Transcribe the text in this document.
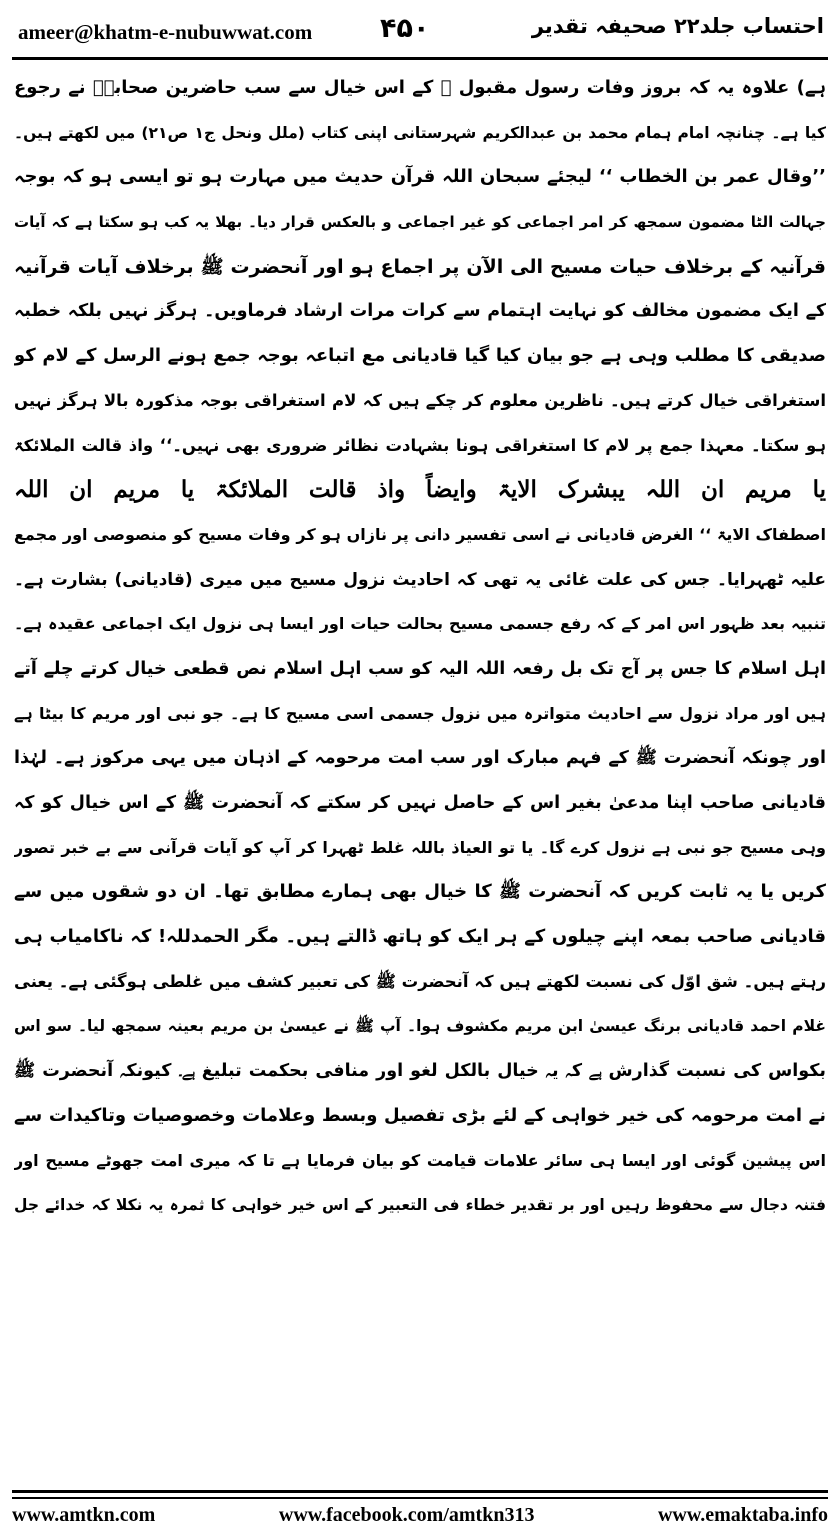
ameer@khatm-e-nubuwwat.com	۴۵۰	احتساب جلد۲۲ صحیفہ تقدیر
ہے) علاوہ یہ کہ بروز وفات رسول مقبول ﷺ کے اس خیال سے سب حاضرین صحابہؓ نے رجوع
کیا ہے۔ چنانچہ امام ہمام محمد بن عبدالکریم شہرستانی اپنی کتاب (ملل ونحل ج۱ ص۲۱) میں لکھتے ہیں۔
’’وقال عمر بن الخطاب ‘‘ لیجئے سبحان اللہ قرآن حدیث میں مہارت ہو تو ایسی ہو کہ بوجہ
جہالت الٹا مضمون سمجھ کر امر اجماعی کو غیر اجماعی و بالعکس قرار دیا۔ بھلا یہ کب ہو سکتا ہے کہ آیات
قرآنیہ کے برخلاف حیات مسیح الی الآن پر اجماع ہو اور آنحضرت ﷺ برخلاف آیات قرآنیہ
کے ایک مضمون مخالف کو نہایت اہتمام سے کرات مرات ارشاد فرماویں۔ ہرگز نہیں بلکہ خطبہ
صدیقی کا مطلب وہی ہے جو بیان کیا گیا قادیانی مع اتباعہ بوجہ جمع ہونے الرسل کے لام کو
استغراقی خیال کرتے ہیں۔ ناظرین معلوم کر چکے ہیں کہ لام استغراقی بوجہ مذکورہ بالا ہرگز نہیں
ہو سکتا۔ معہذا جمع پر لام کا استغراقی ہونا بشہادت نظائر ضروری بھی نہیں۔‘‘ واذ قالت الملائکۃ
یا مریم ان اللہ یبشرک الایۃ وایضاً واذ قالت الملائکۃ یا مریم ان اللہ
اصطفاک الایۃ ‘‘ الغرض قادیانی نے اسی تفسیر دانی پر نازاں ہو کر وفات مسیح کو منصوصی اور مجمع
علیہ ٹھہرایا۔ جس کی علت غائی یہ تھی کہ احادیث نزول مسیح میں میری (قادیانی) بشارت ہے۔
تنبیہ بعد ظہور اس امر کے کہ رفع جسمی مسیح بحالت حیات اور ایسا ہی نزول ایک اجماعی عقیدہ ہے۔
اہل اسلام کا جس پر آج تک بل رفعہ اللہ الیہ کو سب اہل اسلام نص قطعی خیال کرتے چلے آتے
ہیں اور مراد نزول سے احادیث متواترہ میں نزول جسمی اسی مسیح کا ہے۔ جو نبی اور مریم کا بیٹا ہے
اور چونکہ آنحضرت ﷺ کے فہم مبارک اور سب امت مرحومہ کے اذہان میں یہی مرکوز ہے۔ لہٰذا
قادیانی صاحب اپنا مدعیٰ بغیر اس کے حاصل نہیں کر سکتے کہ آنحضرت ﷺ کے اس خیال کو کہ
وہی مسیح جو نبی ہے نزول کرے گا۔ یا تو العیاذ باللہ غلط ٹھہرا کر آپ کو آیات قرآنی سے بے خبر تصور
کریں یا یہ ثابت کریں کہ آنحضرت ﷺ کا خیال بھی ہمارے مطابق تھا۔ ان دو شقوں میں سے
قادیانی صاحب بمعہ اپنے چیلوں کے ہر ایک کو ہاتھ ڈالتے ہیں۔ مگر الحمدللہ! کہ ناکامیاب ہی
رہتے ہیں۔ شق اوّل کی نسبت لکھتے ہیں کہ آنحضرت ﷺ کی تعبیر کشف میں غلطی ہوگئی ہے۔ یعنی
غلام احمد قادیانی برنگ عیسیٰ ابن مریم مکشوف ہوا۔ آپ ﷺ نے عیسیٰ بن مریم بعینہ سمجھ لیا۔ سو اس
بکواس کی نسبت گذارش ہے کہ یہ خیال بالکل لغو اور منافی بحکمت تبلیغ ہے۔ کیونکہ آنحضرت ﷺ
نے امت مرحومہ کی خیر خواہی کے لئے بڑی تفصیل وبسط وعلامات وخصوصیات وتاکیدات سے
اس پیشین گوئی اور ایسا ہی سائر علامات قیامت کو بیان فرمایا ہے تا کہ میری امت جھوٹے مسیح اور
فتنہ دجال سے محفوظ رہیں اور بر تقدیر خطاء فی التعبیر کے اس خیر خواہی کا ثمرہ یہ نکلا کہ خدائے جل
www.amtkn.com	www.facebook.com/amtkn313	www.emaktaba.info
